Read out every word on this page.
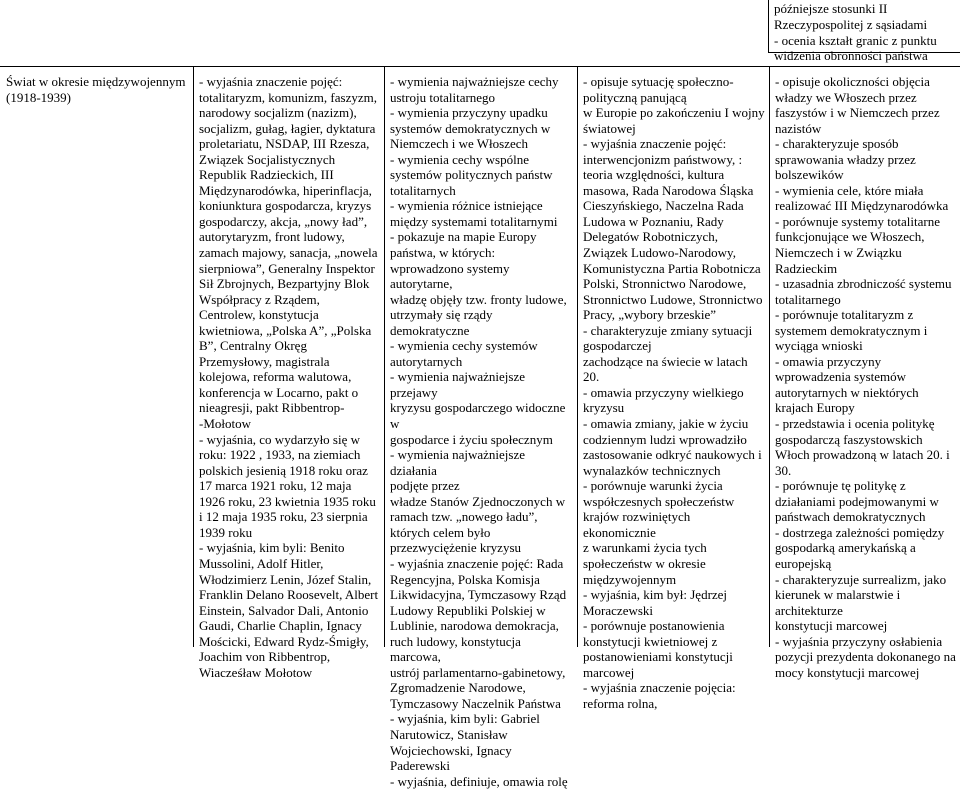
późniejsze stosunki II
Rzeczypospolitej z sąsiadami
- ocenia kształt granic z punktu
widzenia obronności państwa
Świat w okresie międzywojennym
(1918-1939)
- wyjaśnia znaczenie pojęć:
totalitaryzm, komunizm, faszyzm,
narodowy socjalizm (nazizm),
socjalizm, gułag, łagier, dyktatura
proletariatu, NSDAP, III Rzesza,
Związek Socjalistycznych
Republik Radzieckich, III
Międzynarodówka, hiperinflacja,
koniunktura gospodarcza, kryzys
gospodarczy, akcja, „nowy ład”,
autorytaryzm, front ludowy,
zamach majowy, sanacja, „nowela
sierpniowa”, Generalny Inspektor
Sił Zbrojnych, Bezpartyjny Blok
Współpracy z Rządem,
Centrolew, konstytucja
kwietniowa, „Polska A”, „Polska
B”, Centralny Okręg
Przemysłowy, magistrala
kolejowa, reforma walutowa,
konferencja w Locarno, pakt o
nieagresji, pakt Ribbentrop-
-Mołotow
- wyjaśnia, co wydarzyło się w
roku: 1922 , 1933, na ziemiach
polskich jesienią 1918 roku oraz
17 marca 1921 roku, 12 maja
1926 roku, 23 kwietnia 1935 roku
i 12 maja 1935 roku, 23 sierpnia
1939 roku
- wyjaśnia, kim byli: Benito
Mussolini, Adolf Hitler,
Włodzimierz Lenin, Józef Stalin,
Franklin Delano Roosevelt, Albert
Einstein, Salvador Dali, Antonio
Gaudi, Charlie Chaplin, Ignacy
Mościcki, Edward Rydz-Śmigły,
Joachim von Ribbentrop,
Wiacześław Mołotow
- wymienia najważniejsze cechy
ustroju totalitarnego
- wymienia przyczyny upadku
systemów demokratycznych w
Niemczech i we Włoszech
- wymienia cechy wspólne
systemów politycznych państw
totalitarnych
- wymienia różnice istniejące
między systemami totalitarnymi
- pokazuje na mapie Europy
państwa, w których:
wprowadzono systemy autorytarne,
władzę objęły tzw. fronty ludowe,
utrzymały się rządy demokratyczne
- wymienia cechy systemów
autorytarnych
- wymienia najważniejsze przejawy
kryzysu gospodarczego widoczne w
gospodarce i życiu społecznym
- wymienia najważniejsze działania
podjęte przez
władze Stanów Zjednoczonych w
ramach tzw. „nowego ładu”,
których celem było
przezwyciężenie kryzysu
- wyjaśnia znaczenie pojęć: Rada
Regencyjna, Polska Komisja
Likwidacyjna, Tymczasowy Rząd
Ludowy Republiki Polskiej w
Lublinie, narodowa demokracja,
ruch ludowy, konstytucja marcowa,
ustrój parlamentarno-gabinetowy,
Zgromadzenie Narodowe,
Tymczasowy Naczelnik Państwa
- wyjaśnia, kim byli: Gabriel
Narutowicz, Stanisław
Wojciechowski, Ignacy Paderewski
- wyjaśnia, definiuje, omawia rolę
- opisuje sytuację społeczno-
polityczną panującą
w Europie po zakończeniu I wojny
światowej
- wyjaśnia znaczenie pojęć:
interwencjonizm państwowy, :
teoria względności, kultura
masowa, Rada Narodowa Śląska
Cieszyńskiego, Naczelna Rada
Ludowa w Poznaniu, Rady
Delegatów Robotniczych,
Związek Ludowo-Narodowy,
Komunistyczna Partia Robotnicza
Polski, Stronnictwo Narodowe,
Stronnictwo Ludowe, Stronnictwo
Pracy, „wybory brzeskie”
- charakteryzuje zmiany sytuacji
gospodarczej
zachodzące na świecie w latach 20.
- omawia przyczyny wielkiego
kryzysu
- omawia zmiany, jakie w życiu
codziennym ludzi wprowadziło
zastosowanie odkryć naukowych i
wynalazków technicznych
- porównuje warunki życia
współczesnych społeczeństw
krajów rozwiniętych ekonomicznie
z warunkami życia tych
społeczeństw w okresie
międzywojennym
- wyjaśnia, kim był: Jędrzej
Moraczewski
- porównuje postanowienia
konstytucji kwietniowej z
postanowieniami konstytucji
marcowej
- wyjaśnia znaczenie pojęcia:
reforma rolna,
- opisuje okoliczności objęcia
władzy we Włoszech przez
faszystów i w Niemczech przez
nazistów
- charakteryzuje sposób
sprawowania władzy przez
bolszewików
- wymienia cele, które miała
realizować III Międzynarodówka
- porównuje systemy totalitarne
funkcjonujące we Włoszech,
Niemczech i w Związku
Radzieckim
- uzasadnia zbrodniczość systemu
totalitarnego
- porównuje totalitaryzm z
systemem demokratycznym i
wyciąga wnioski
- omawia przyczyny
wprowadzenia systemów
autorytarnych w niektórych
krajach Europy
- przedstawia i ocenia politykę
gospodarczą faszystowskich
Włoch prowadzoną w latach 20. i
30.
- porównuje tę politykę z
działaniami podejmowanymi w
państwach demokratycznych
- dostrzega zależności pomiędzy
gospodarką amerykańską a
europejską
- charakteryzuje surrealizm, jako
kierunek w malarstwie i
architekturze
konstytucji marcowej
- wyjaśnia przyczyny osłabienia
pozycji prezydenta dokonanego na
mocy konstytucji marcowej
